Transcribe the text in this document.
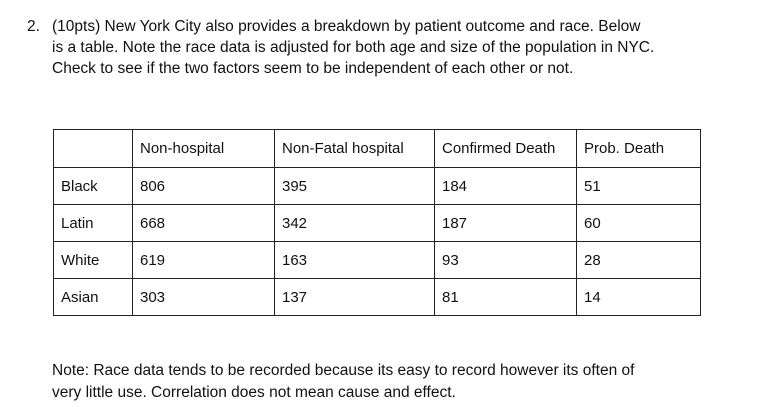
2. (10pts) New York City also provides a breakdown by patient outcome and race. Below
is a table. Note the race data is adjusted for both age and size of the population in NYC.
Check to see if the two factors seem to be independent of each other or not.
	Non-hospital	Non-Fatal hospital	Confirmed Death	Prob. Death
Black	806	395	184	51
Latin	668	342	187	60
White	619	163	93	28
Asian	303	137	81	14
Note: Race data tends to be recorded because its easy to record however its often of
very little use. Correlation does not mean cause and effect.
